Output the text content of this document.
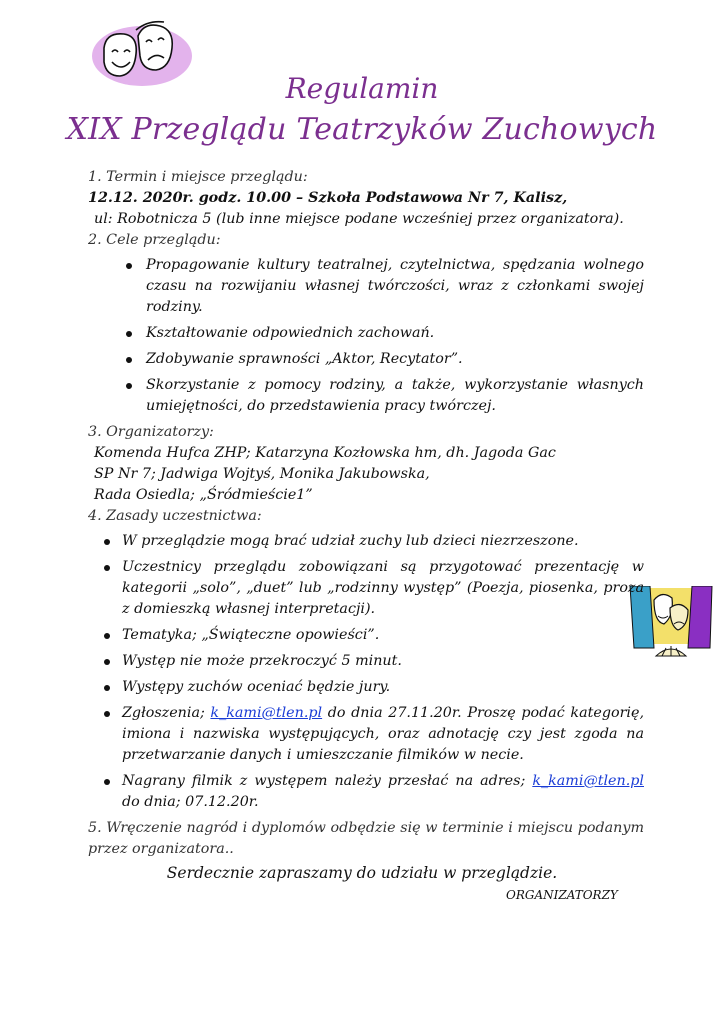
Regulamin
XIX Przeglądu Teatrzyków Zuchowych

1. Termin i miejsce przeglądu:

12.12. 2020r. godz. 10.00 – Szkoła Podstawowa Nr 7, Kalisz,

ul: Robotnicza 5 (lub inne miejsce podane wcześniej przez organizatora).

2. Cele przeglądu:

Propagowanie kultury teatralnej, czytelnictwa, spędzania wolnego czasu na rozwijaniu własnej twórczości, wraz z członkami swojej rodziny.
Kształtowanie odpowiednich zachowań.
Zdobywanie sprawności „Aktor, Recytator”.
Skorzystanie z pomocy rodziny, a także, wykorzystanie własnych umiejętności, do przedstawienia pracy twórczej.

3. Organizatorzy:

Komenda Hufca ZHP; Katarzyna Kozłowska hm, dh. Jagoda Gac

SP Nr 7; Jadwiga Wojtyś, Monika Jakubowska,

Rada Osiedla; „Śródmieście1”

4. Zasady uczestnictwa:

W przeglądzie mogą brać udział zuchy lub dzieci niezrzeszone.
Uczestnicy przeglądu zobowiązani są przygotować prezentację w kategorii „solo”, „duet” lub „rodzinny występ” (Poezja, piosenka, proza z domieszką własnej interpretacji).
Tematyka; „Świąteczne opowieści”.
Występ nie może przekroczyć 5 minut.
Występy zuchów oceniać będzie jury.
Zgłoszenia; k_kami@tlen.pl do dnia 27.11.20r. Proszę podać kategorię, imiona i nazwiska występujących, oraz adnotację czy jest zgoda na przetwarzanie danych i umieszczanie filmików w necie.
Nagrany filmik z występem należy przesłać na adres; k_kami@tlen.pl do dnia; 07.12.20r.

5. Wręczenie nagród i dyplomów odbędzie się w terminie i miejscu podanym przez organizatora..

Serdecznie zapraszamy do udziału w przeglądzie.
ORGANIZATORZY
